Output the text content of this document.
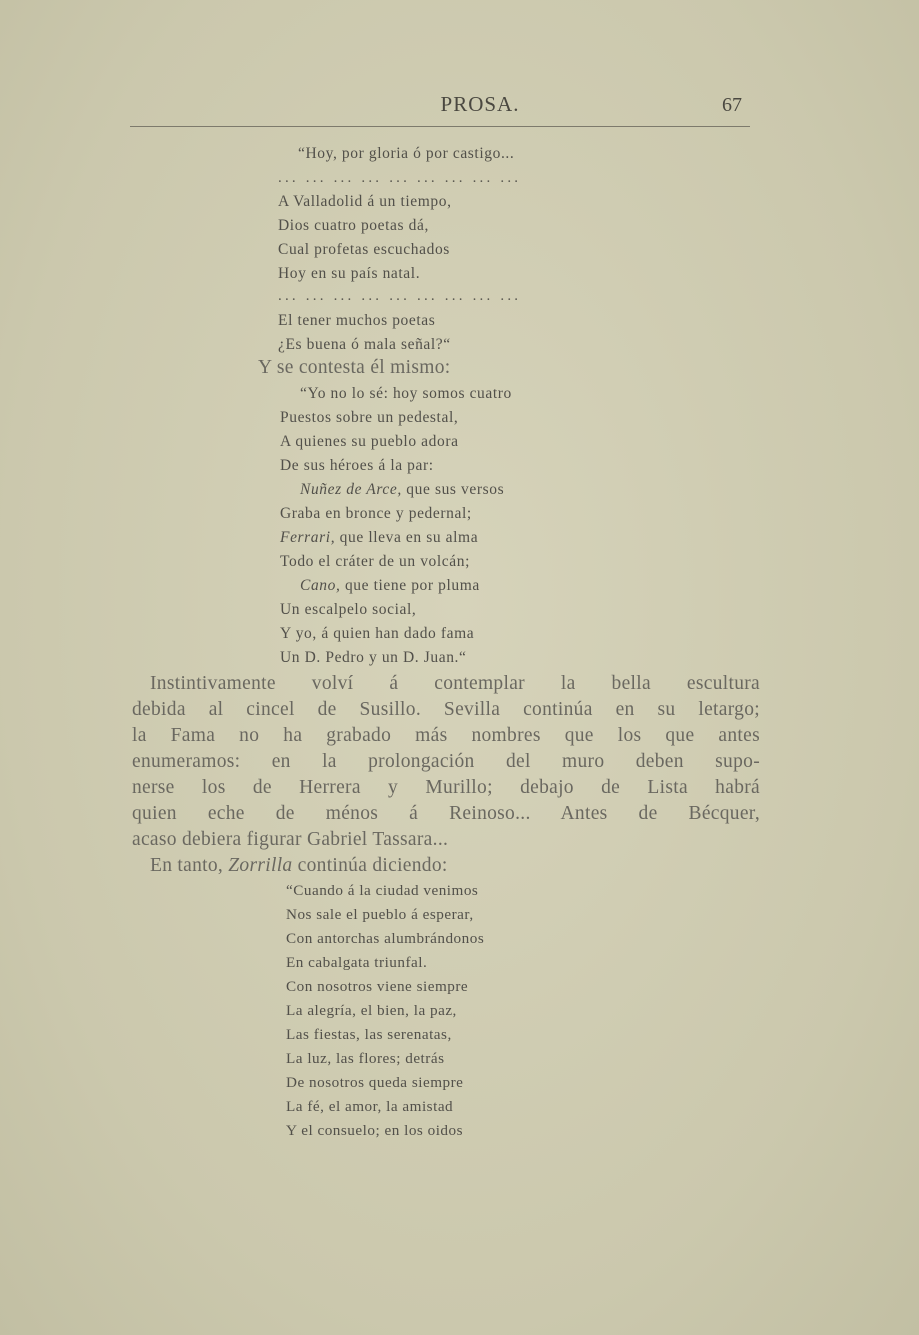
PROSA.	67
“Hoy, por gloria ó por castigo...
... ... ... ... ... ... ... ... ...
A Valladolid á un tiempo,
Dios cuatro poetas dá,
Cual profetas escuchados
Hoy en su país natal.
... ... ... ... ... ... ... ... ...
El tener muchos poetas
¿Es buena ó mala señal?“
Y se contesta él mismo:
“Yo no lo sé: hoy somos cuatro
Puestos sobre un pedestal,
A quienes su pueblo adora
De sus héroes á la par:
Nuñez de Arce, que sus versos
Graba en bronce y pedernal;
Ferrari, que lleva en su alma
Todo el cráter de un volcán;
Cano, que tiene por pluma
Un escalpelo social,
Y yo, á quien han dado fama
Un D. Pedro y un D. Juan.“
Instintivamente volví á contemplar la bella escultura
debida al cincel de Susillo. Sevilla continúa en su letargo;
la Fama no ha grabado más nombres que los que antes
enumeramos: en la prolongación del muro deben supo-
nerse los de Herrera y Murillo; debajo de Lista habrá
quien eche de ménos á Reinoso... Antes de Bécquer,
acaso debiera figurar Gabriel Tassara...
En tanto, Zorrilla continúa diciendo:
“Cuando á la ciudad venimos
Nos sale el pueblo á esperar,
Con antorchas alumbrándonos
En cabalgata triunfal.
Con nosotros viene siempre
La alegría, el bien, la paz,
Las fiestas, las serenatas,
La luz, las flores; detrás
De nosotros queda siempre
La fé, el amor, la amistad
Y el consuelo; en los oidos
